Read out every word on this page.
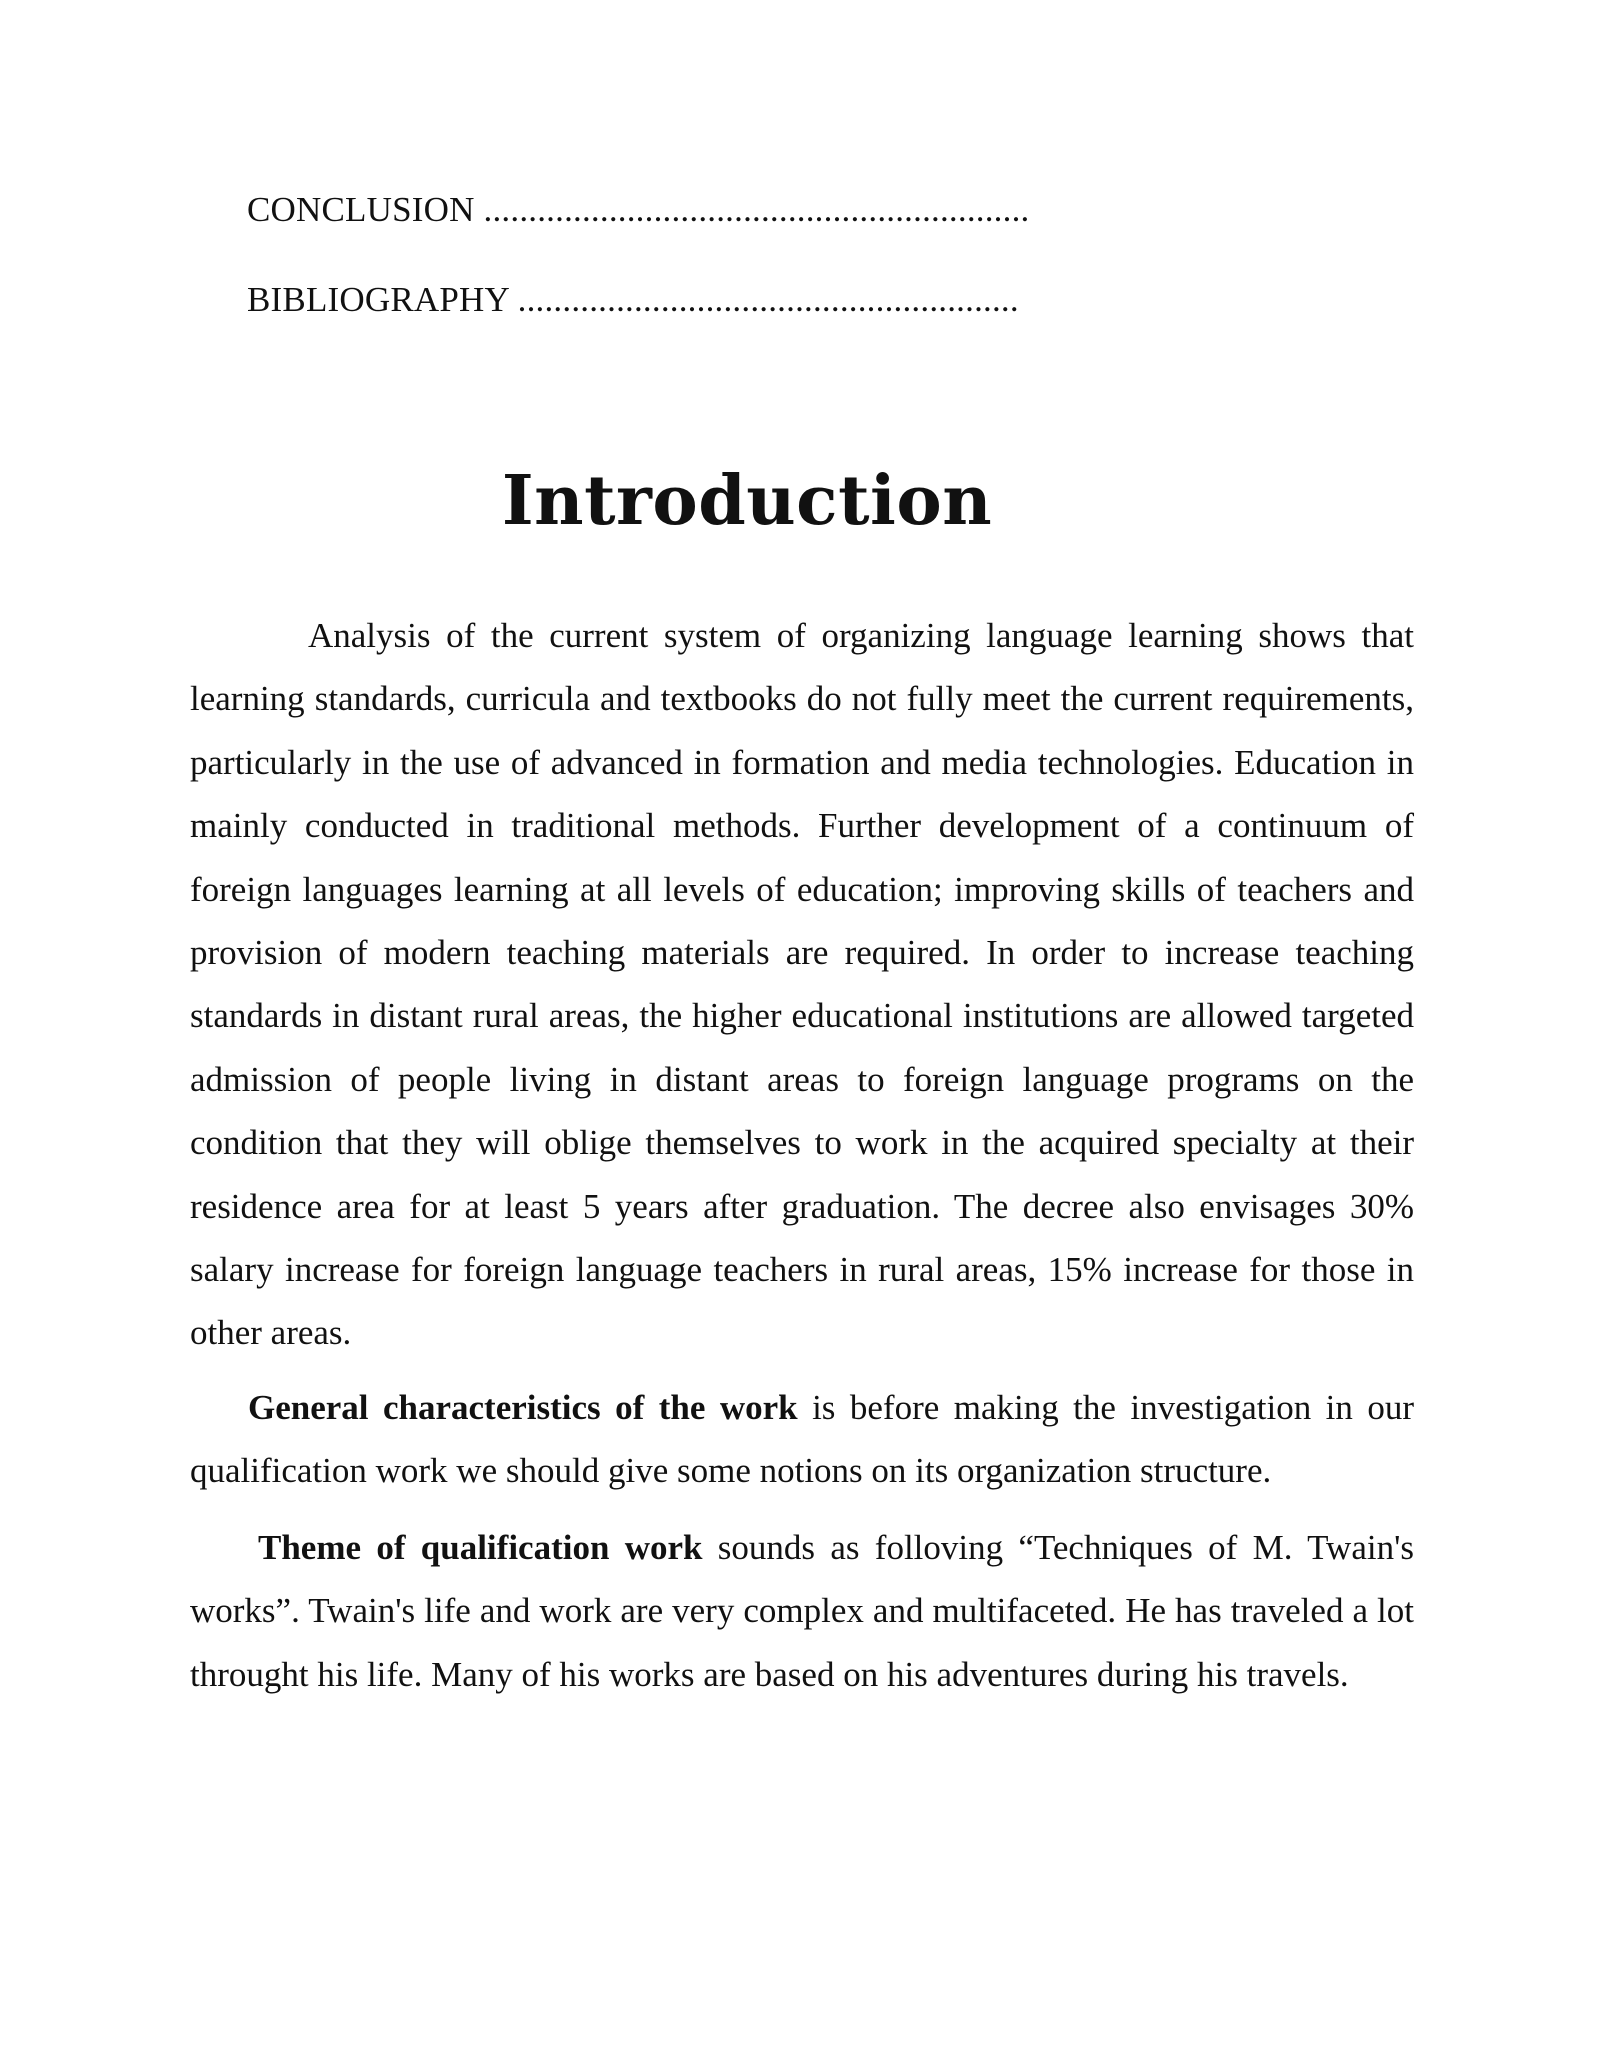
CONCLUSION .............................................................
BIBLIOGRAPHY ........................................................
Introduction

Analysis of the current system of organizing language learning shows that learning standards, curricula and textbooks do not fully meet the current requirements, particularly in the use of advanced in formation and media technologies. Education in mainly conducted in traditional methods. Further development of a continuum of foreign languages learning at all levels of education; improving skills of teachers and provision of modern teaching materials are required. In order to increase teaching standards in distant rural areas, the higher educational institutions are allowed targeted admission of people living in distant areas to foreign language programs on the condition that they will oblige themselves to work in the acquired specialty at their residence area for at least 5 years after graduation. The decree also envisages 30% salary increase for foreign language teachers in rural areas, 15% increase for those in other areas.

General characteristics of the work is before making the investigation in our qualification work we should give some notions on its organization structure.

Theme of qualification work sounds as folloving “Techniques of M. Twain's works”. Twain's life and work are very complex and multifaceted. He has traveled a lot throught his life. Many of his works are based on his adventures during his travels.
